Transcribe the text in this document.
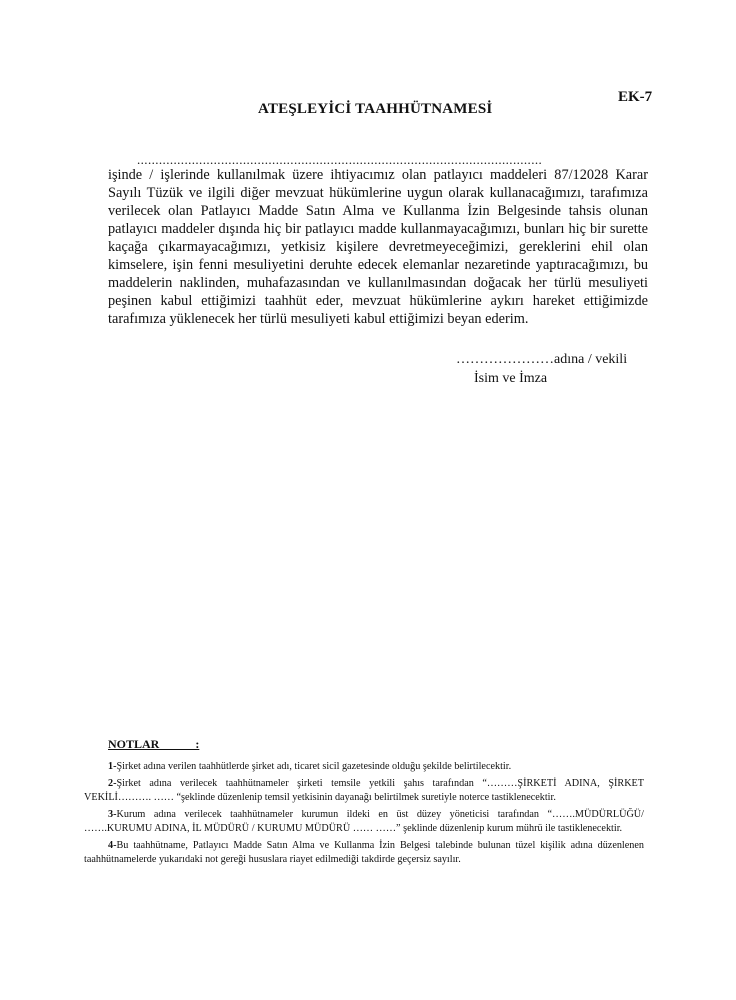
EK-7
ATEŞLEYİCİ TAAHHÜTNAMESİ
...............................................................................................................
işinde / işlerinde kullanılmak üzere ihtiyacımız olan patlayıcı maddeleri 87/12028 Karar Sayılı Tüzük ve ilgili diğer mevzuat hükümlerine uygun olarak kullanacağımızı, tarafımıza verilecek olan Patlayıcı Madde Satın Alma ve Kullanma İzin Belgesinde tahsis olunan patlayıcı maddeler dışında hiç bir patlayıcı madde kullanmayacağımızı, bunları hiç bir surette kaçağa çıkarmayacağımızı, yetkisiz kişilere devretmeyeceğimizi, gereklerini ehil olan kimselere, işin fenni mesuliyetini deruhte edecek elemanlar nezaretinde yaptıracağımızı, bu maddelerin naklinden, muhafazasından ve kullanılmasından doğacak her türlü mesuliyeti peşinen kabul ettiğimizi taahhüt eder, mevzuat hükümlerine aykırı hareket ettiğimizde tarafımıza yüklenecek her türlü mesuliyeti kabul ettiğimizi beyan ederim.
…………………adına / vekili
İsim ve İmza
NOTLAR            :

1-Şirket adına verilen taahhütlerde şirket adı, ticaret sicil gazetesinde olduğu şekilde belirtilecektir.

2-Şirket adına verilecek taahhütnameler şirketi temsile yetkili şahıs tarafından “………ŞİRKETİ ADINA, ŞİRKET VEKİLİ………. …… “şeklinde düzenlenip temsil yetkisinin dayanağı belirtilmek suretiyle noterce tastiklenecektir.

3-Kurum adına verilecek taahhütnameler kurumun ildeki en üst düzey yöneticisi tarafından “…….MÜDÜRLÜĞÜ/ …….KURUMU ADINA, İL MÜDÜRÜ / KURUMU MÜDÜRÜ …… ……” şeklinde düzenlenip kurum mührü ile tastiklenecektir.

4-Bu taahhütname, Patlayıcı Madde Satın Alma ve Kullanma İzin Belgesi talebinde bulunan tüzel kişilik adına düzenlenen taahhütnamelerde yukarıdaki not gereği hususlara riayet edilmediği takdirde geçersiz sayılır.
